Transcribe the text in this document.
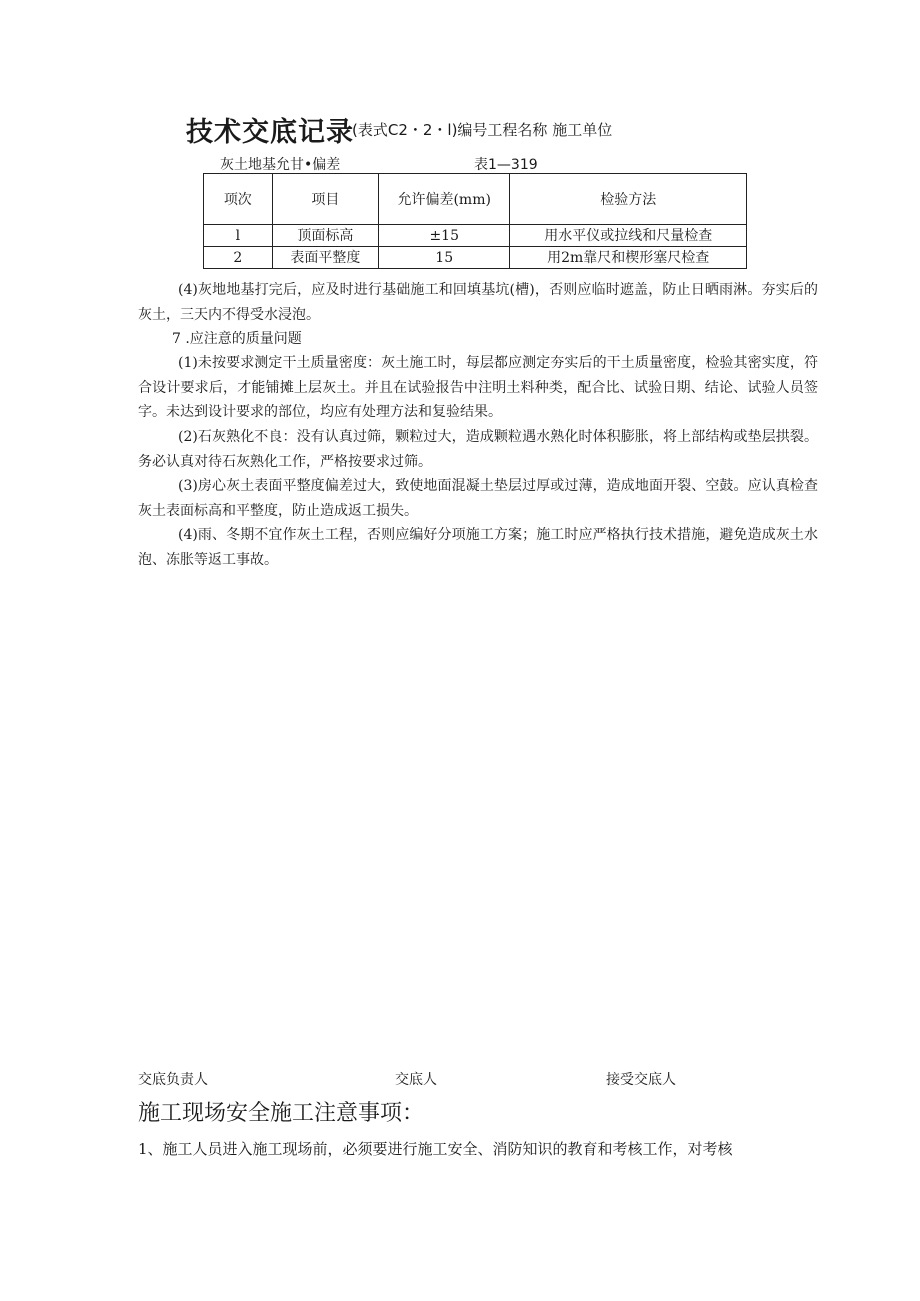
技术交底记录
(表式C2・2・l)编号工程名称 施工单位
灰土地基允甘•偏差	表1—319
项次	项目	允许偏差(mm)	检验方法
l	顶面标高	±15	用水平仪或拉线和尺量检查
2	表面平整度	15	用2m靠尺和楔形塞尺检查
(4)灰地地基打完后，应及时进行基础施工和回填基坑(槽)，否则应临时遮盖，防止日晒雨淋。夯实后的灰土，三天内不得受水浸泡。
7 .应注意的质量问题
(1)未按要求测定干土质量密度：灰土施工时，每层都应测定夯实后的干土质量密度，检验其密实度，符合设计要求后，才能铺摊上层灰土。并且在试验报告中注明土料种类，配合比、试验日期、结论、试验人员签字。未达到设计要求的部位，均应有处理方法和复验结果。
(2)石灰熟化不良：没有认真过筛，颗粒过大，造成颗粒遇水熟化时体积膨胀，将上部结构或垫层拱裂。务必认真对待石灰熟化工作，严格按要求过筛。
(3)房心灰土表面平整度偏差过大，致使地面混凝土垫层过厚或过薄，造成地面开裂、空鼓。应认真检查灰土表面标高和平整度，防止造成返工损失。
(4)雨、冬期不宜作灰土工程，否则应编好分项施工方案；施工时应严格执行技术措施，避免造成灰土水泡、冻胀等返工事故。
交底负责人	交底人	接受交底人
施工现场安全施工注意事项：
1、施工人员进入施工现场前，必须要进行施工安全、消防知识的教育和考核工作，对考核
